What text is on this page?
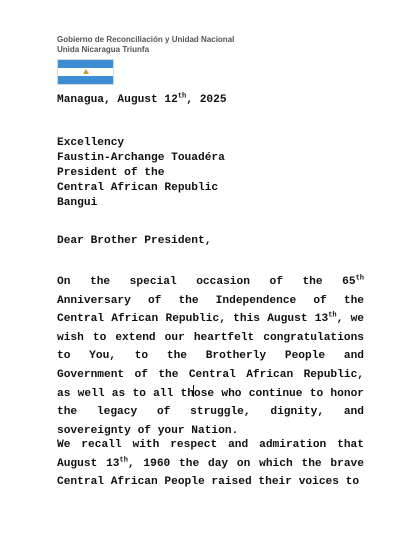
Gobierno de Reconciliación y Unidad Nacional
Unida Nicaragua Triunfa
Managua, August 12th, 2025
Excellency
Faustin-Archange Touadéra
President of the
Central African Republic
Bangui
Dear Brother President,

On the special occasion of the 65th Anniversary of the Independence of the Central African Republic, this August 13th, we wish to extend our heartfelt congratulations to You, to the Brotherly People and Government of the Central African Republic, as well as to all those who continue to honor the legacy of struggle, dignity, and sovereignty of your Nation.

We recall with respect and admiration that August 13th, 1960 the day on which the brave Central African People raised their voices to
